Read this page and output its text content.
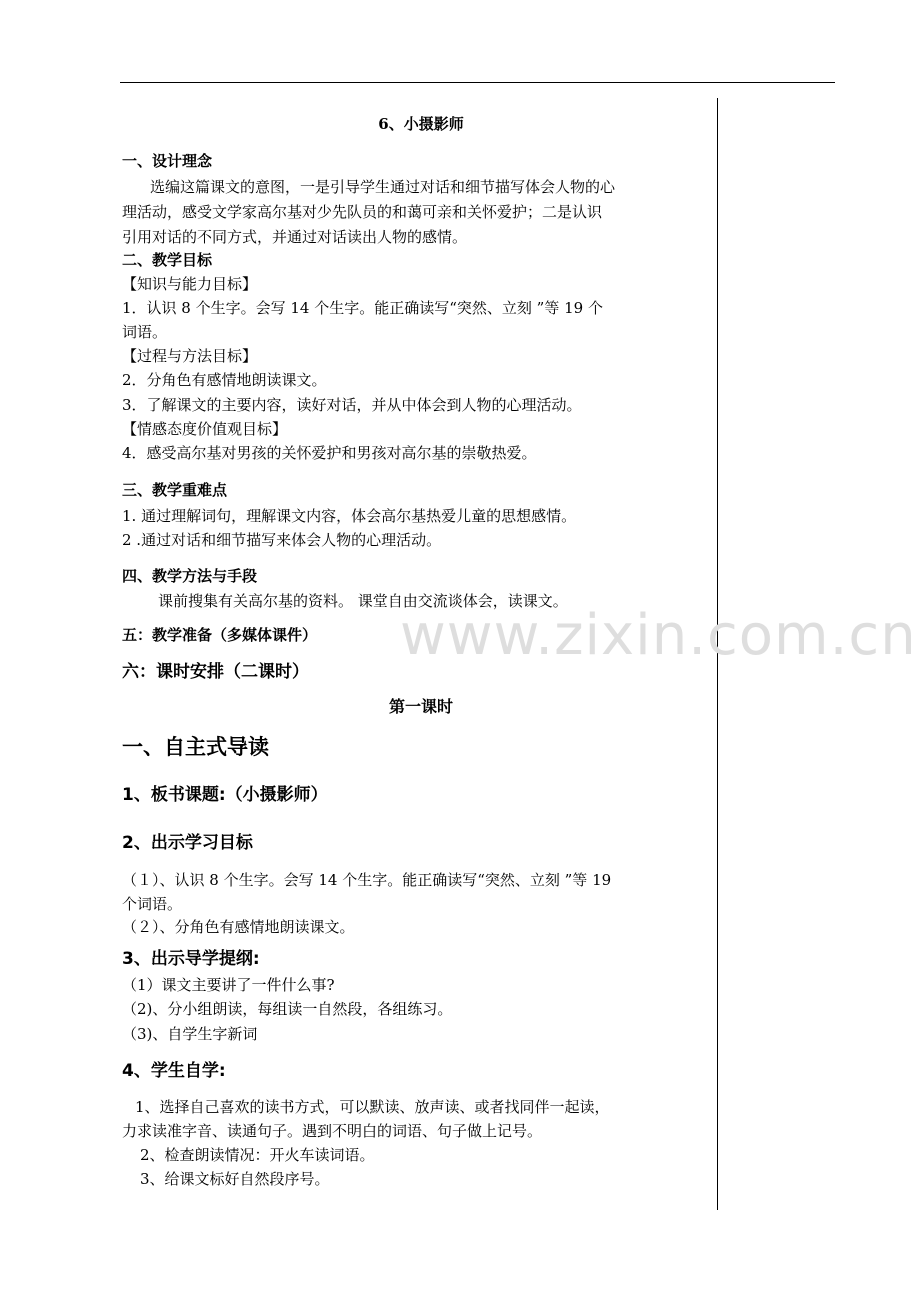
www.zixin.com.cn
6、小摄影师
一、设计理念
选编这篇课文的意图，一是引导学生通过对话和细节描写体会人物的心
理活动，感受文学家高尔基对少先队员的和蔼可亲和关怀爱护；二是认识
引用对话的不同方式，并通过对话读出人物的感情。
二、教学目标
【知识与能力目标】
1．认识 8 个生字。会写 14 个生字。能正确读写“突然、立刻 ”等 19 个
词语。
【过程与方法目标】
2．分角色有感情地朗读课文。
3．了解课文的主要内容，读好对话，并从中体会到人物的心理活动。
【情感态度价值观目标】
4．感受高尔基对男孩的关怀爱护和男孩对高尔基的崇敬热爱。
三、教学重难点
1. 通过理解词句，理解课文内容，体会高尔基热爱儿童的思想感情。
2 .通过对话和细节描写来体会人物的心理活动。
四、教学方法与手段
课前搜集有关高尔基的资料。 课堂自由交流谈体会，读课文。
五：教学准备（多媒体课件）
六：课时安排（二课时）
第一课时
一、自主式导读
1、板书课题:（小摄影师）
2、出示学习目标
（１）、认识 8 个生字。会写 14 个生字。能正确读写“突然、立刻 ”等 19
个词语。
（２）、分角色有感情地朗读课文。
3、出示导学提纲:
（1）课文主要讲了一件什么事?
（2)、分小组朗读，每组读一自然段，各组练习。
（3)、自学生字新词
4、学生自学:
1、选择自己喜欢的读书方式，可以默读、放声读、或者找同伴一起读，
力求读准字音、读通句子。遇到不明白的词语、句子做上记号。
2、检查朗读情况：开火车读词语。
3、给课文标好自然段序号。
